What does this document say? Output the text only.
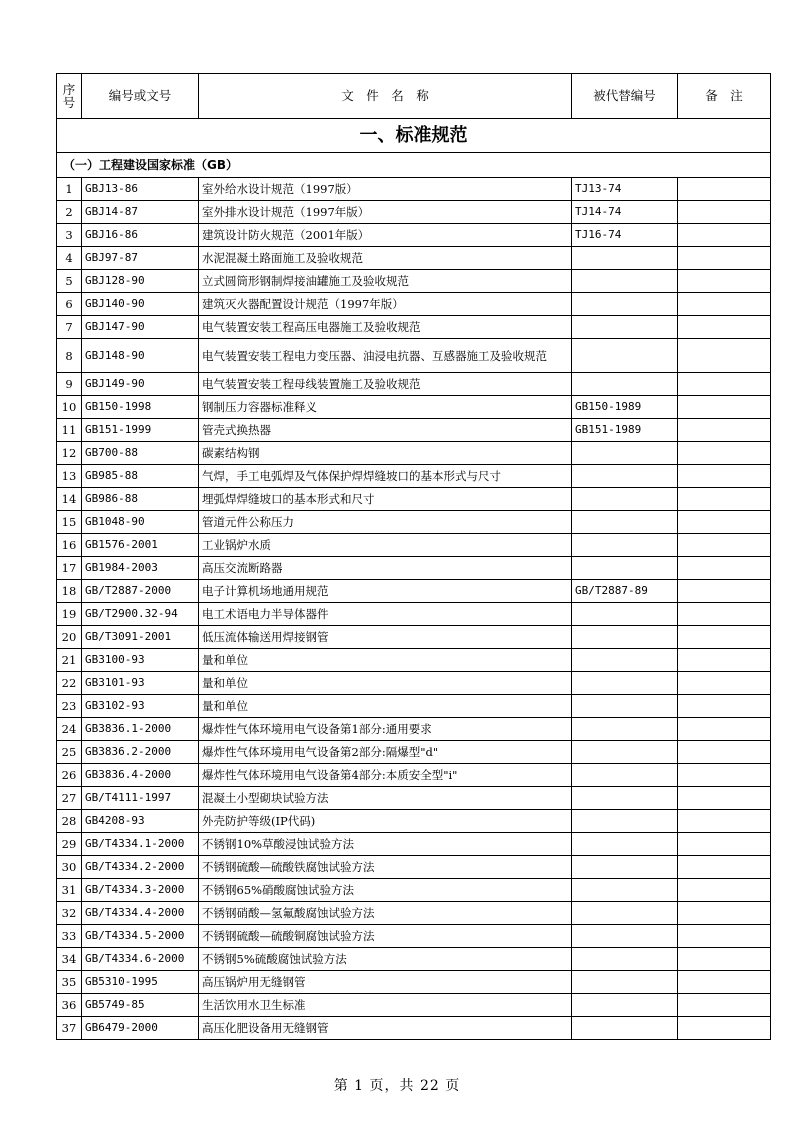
序号	编号或文号	文　件　名　称	被代替编号	备　注
一、标准规范				
（一）工程建设国家标准（GB）				
1	GBJ13-86	室外给水设计规范（1997版）	TJ13-74	
2	GBJ14-87	室外排水设计规范（1997年版）	TJ14-74	
3	GBJ16-86	建筑设计防火规范（2001年版）	TJ16-74	
4	GBJ97-87	水泥混凝土路面施工及验收规范		
5	GBJ128-90	立式圆筒形钢制焊接油罐施工及验收规范		
6	GBJ140-90	建筑灭火器配置设计规范（1997年版）		
7	GBJ147-90	电气装置安装工程高压电器施工及验收规范		
8	GBJ148-90	电气装置安装工程电力变压器、油浸电抗器、互感器施工及验收规范		
9	GBJ149-90	电气装置安装工程母线装置施工及验收规范		
10	GB150-1998	钢制压力容器标准释义	GB150-1989	
11	GB151-1999	管壳式换热器	GB151-1989	
12	GB700-88	碳素结构钢		
13	GB985-88	气焊，手工电弧焊及气体保护焊焊缝坡口的基本形式与尺寸		
14	GB986-88	埋弧焊焊缝坡口的基本形式和尺寸		
15	GB1048-90	管道元件公称压力		
16	GB1576-2001	工业锅炉水质		
17	GB1984-2003	高压交流断路器		
18	GB/T2887-2000	电子计算机场地通用规范	GB/T2887-89	
19	GB/T2900.32-94	电工术语电力半导体器件		
20	GB/T3091-2001	低压流体输送用焊接钢管		
21	GB3100-93	量和单位		
22	GB3101-93	量和单位		
23	GB3102-93	量和单位		
24	GB3836.1-2000	爆炸性气体环境用电气设备第1部分:通用要求		
25	GB3836.2-2000	爆炸性气体环境用电气设备第2部分:隔爆型"d"		
26	GB3836.4-2000	爆炸性气体环境用电气设备第4部分:本质安全型"i"		
27	GB/T4111-1997	混凝土小型砌块试验方法		
28	GB4208-93	外壳防护等级(IP代码)		
29	GB/T4334.1-2000	不锈钢10%草酸浸蚀试验方法		
30	GB/T4334.2-2000	不锈钢硫酸—硫酸铁腐蚀试验方法		
31	GB/T4334.3-2000	不锈钢65%硝酸腐蚀试验方法		
32	GB/T4334.4-2000	不锈钢硝酸—氢氟酸腐蚀试验方法		
33	GB/T4334.5-2000	不锈钢硫酸—硫酸铜腐蚀试验方法		
34	GB/T4334.6-2000	不锈钢5%硫酸腐蚀试验方法		
35	GB5310-1995	高压锅炉用无缝钢管		
36	GB5749-85	生活饮用水卫生标准		
37	GB6479-2000	高压化肥设备用无缝钢管		
第 1 页，共 22 页
